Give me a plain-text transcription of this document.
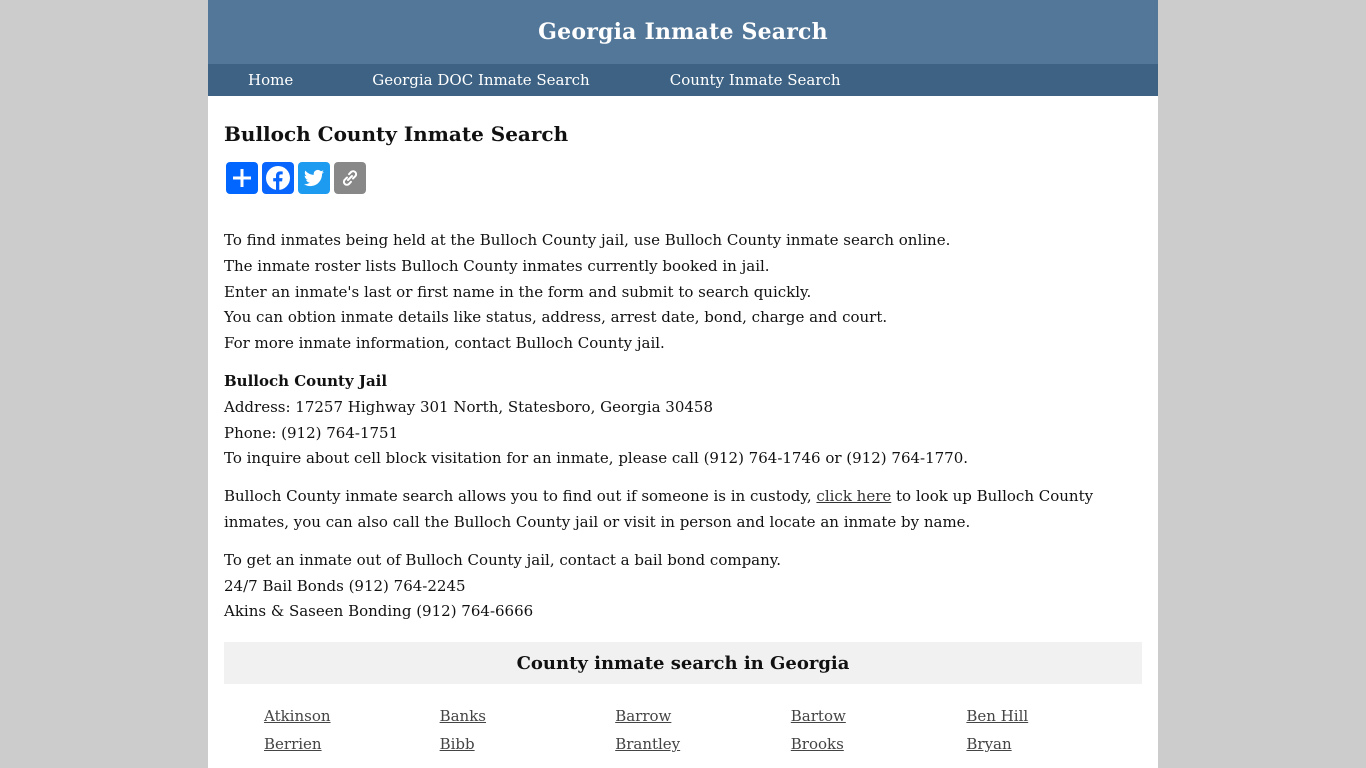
Georgia Inmate Search
Home	Georgia DOC Inmate Search	County Inmate Search
Bulloch County Inmate Search

To find inmates being held at the Bulloch County jail, use Bulloch County inmate search online.
The inmate roster lists Bulloch County inmates currently booked in jail.
Enter an inmate's last or first name in the form and submit to search quickly.
You can obtion inmate details like status, address, arrest date, bond, charge and court.
For more inmate information, contact Bulloch County jail.

Bulloch County Jail
Address: 17257 Highway 301 North, Statesboro, Georgia 30458
Phone: (912) 764-1751
To inquire about cell block visitation for an inmate, please call (912) 764-1746 or (912) 764-1770.

Bulloch County inmate search allows you to find out if someone is in custody, click here to look up Bulloch County inmates, you can also call the Bulloch County jail or visit in person and locate an inmate by name.

To get an inmate out of Bulloch County jail, contact a bail bond company.
24/7 Bail Bonds (912) 764-2245
Akins & Saseen Bonding (912) 764-6666

County inmate search in Georgia
Atkinson	Banks	Barrow	Bartow	Ben Hill
Berrien	Bibb	Brantley	Brooks	Bryan
